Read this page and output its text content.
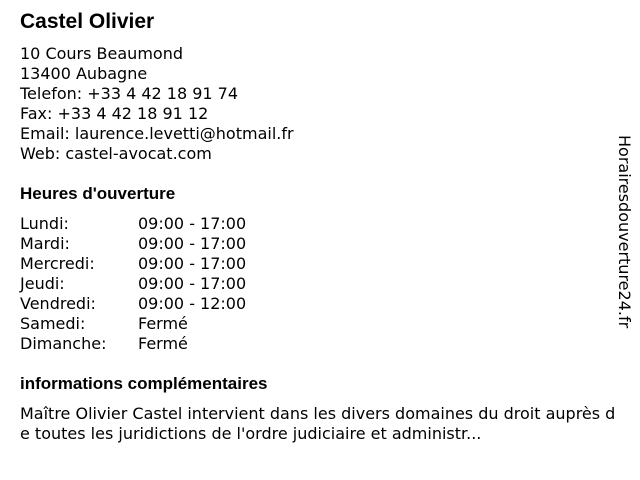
Castel Olivier
10 Cours Beaumond
13400 Aubagne
Telefon: +33 4 42 18 91 74
Fax: +33 4 42 18 91 12
Email: laurence.levetti@hotmail.fr
Web: castel-avocat.com
Heures d'ouverture
Lundi:	09:00 - 17:00
Mardi:	09:00 - 17:00
Mercredi:	09:00 - 17:00
Jeudi:	09:00 - 17:00
Vendredi:	09:00 - 12:00
Samedi:	Fermé
Dimanche:	Fermé
informations complémentaires
Maître Olivier Castel intervient dans les divers domaines du droit auprès de toutes les juridictions de l'ordre judiciaire et administr...
Horairesdouverture24.fr
